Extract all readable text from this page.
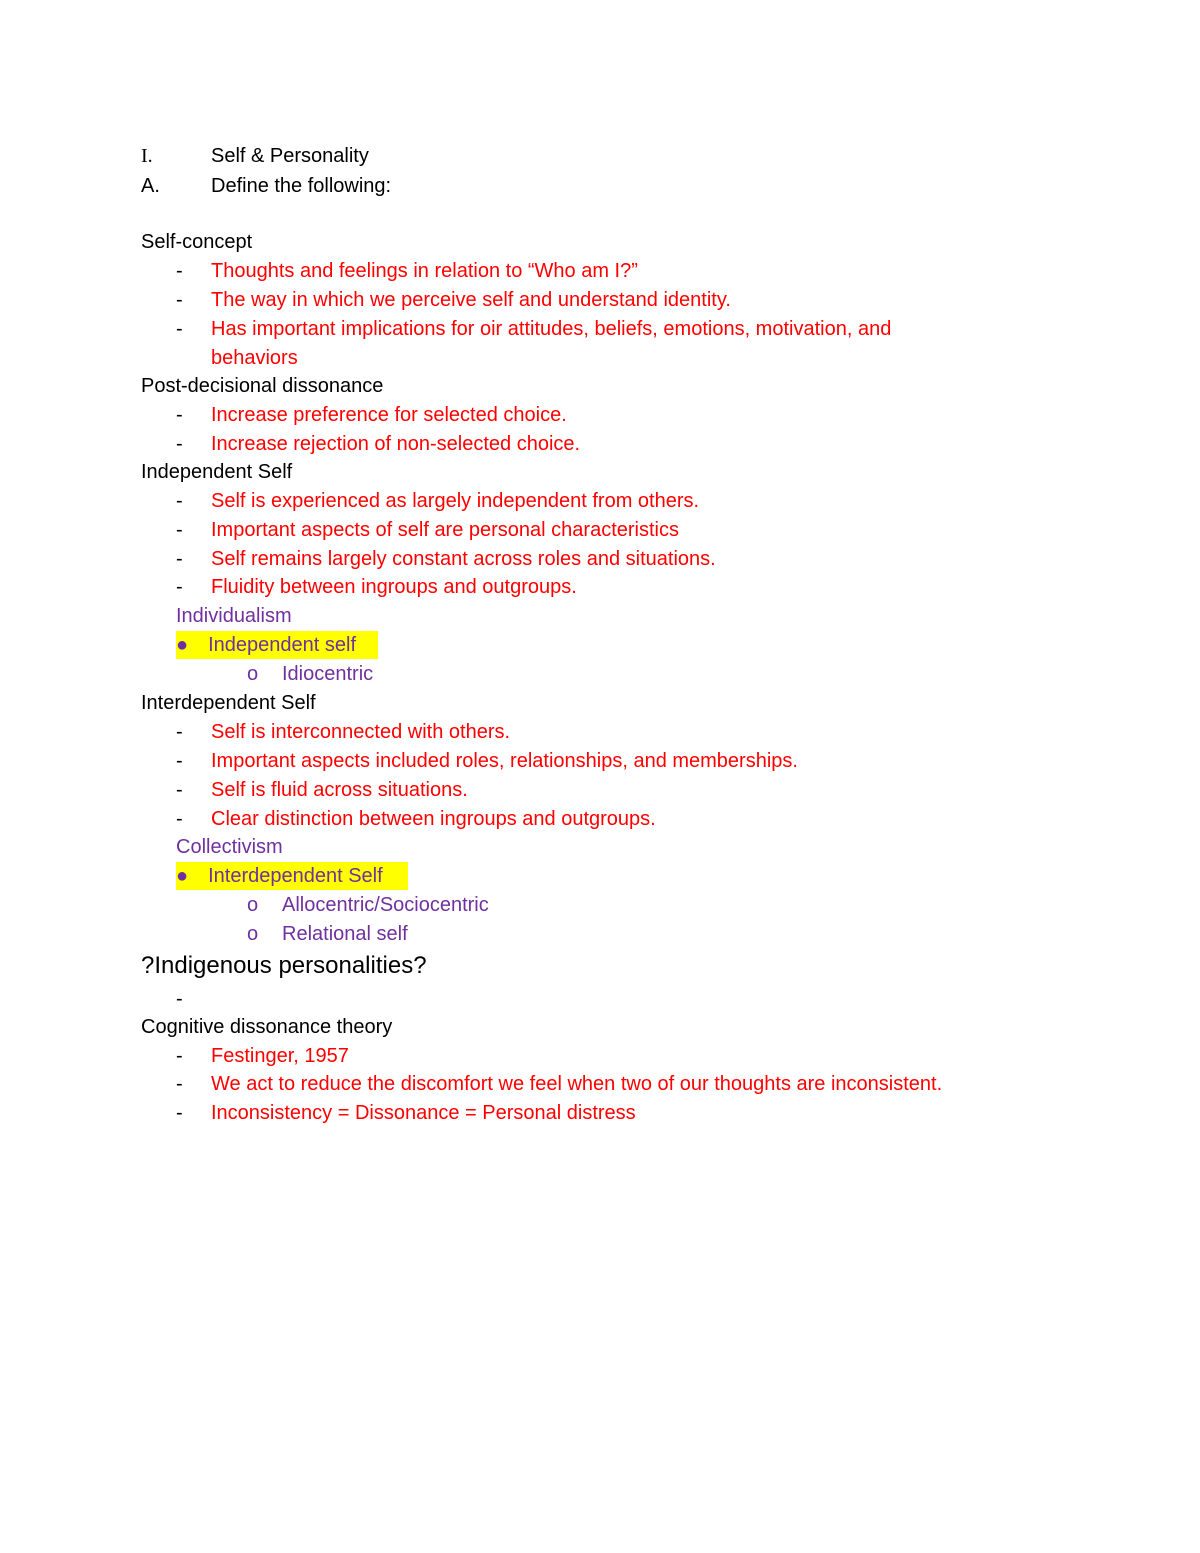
I.	Self & Personality
A.	Define the following:
Self-concept
- Thoughts and feelings in relation to “Who am I?”
- The way in which we perceive self and understand identity.
- Has important implications for oir attitudes, beliefs, emotions, motivation, and
behaviors
Post-decisional dissonance
- Increase preference for selected choice.
- Increase rejection of non-selected choice.
Independent Self
- Self is experienced as largely independent from others.
- Important aspects of self are personal characteristics
- Self remains largely constant across roles and situations.
- Fluidity between ingroups and outgroups.
Individualism
● Independent self
o Idiocentric
Interdependent Self
- Self is interconnected with others.
- Important aspects included roles, relationships, and memberships.
- Self is fluid across situations.
- Clear distinction between ingroups and outgroups.
Collectivism
● Interdependent Self
o Allocentric/Sociocentric
o Relational self
?Indigenous personalities?
-
Cognitive dissonance theory
- Festinger, 1957
- We act to reduce the discomfort we feel when two of our thoughts are inconsistent.
- Inconsistency = Dissonance = Personal distress
